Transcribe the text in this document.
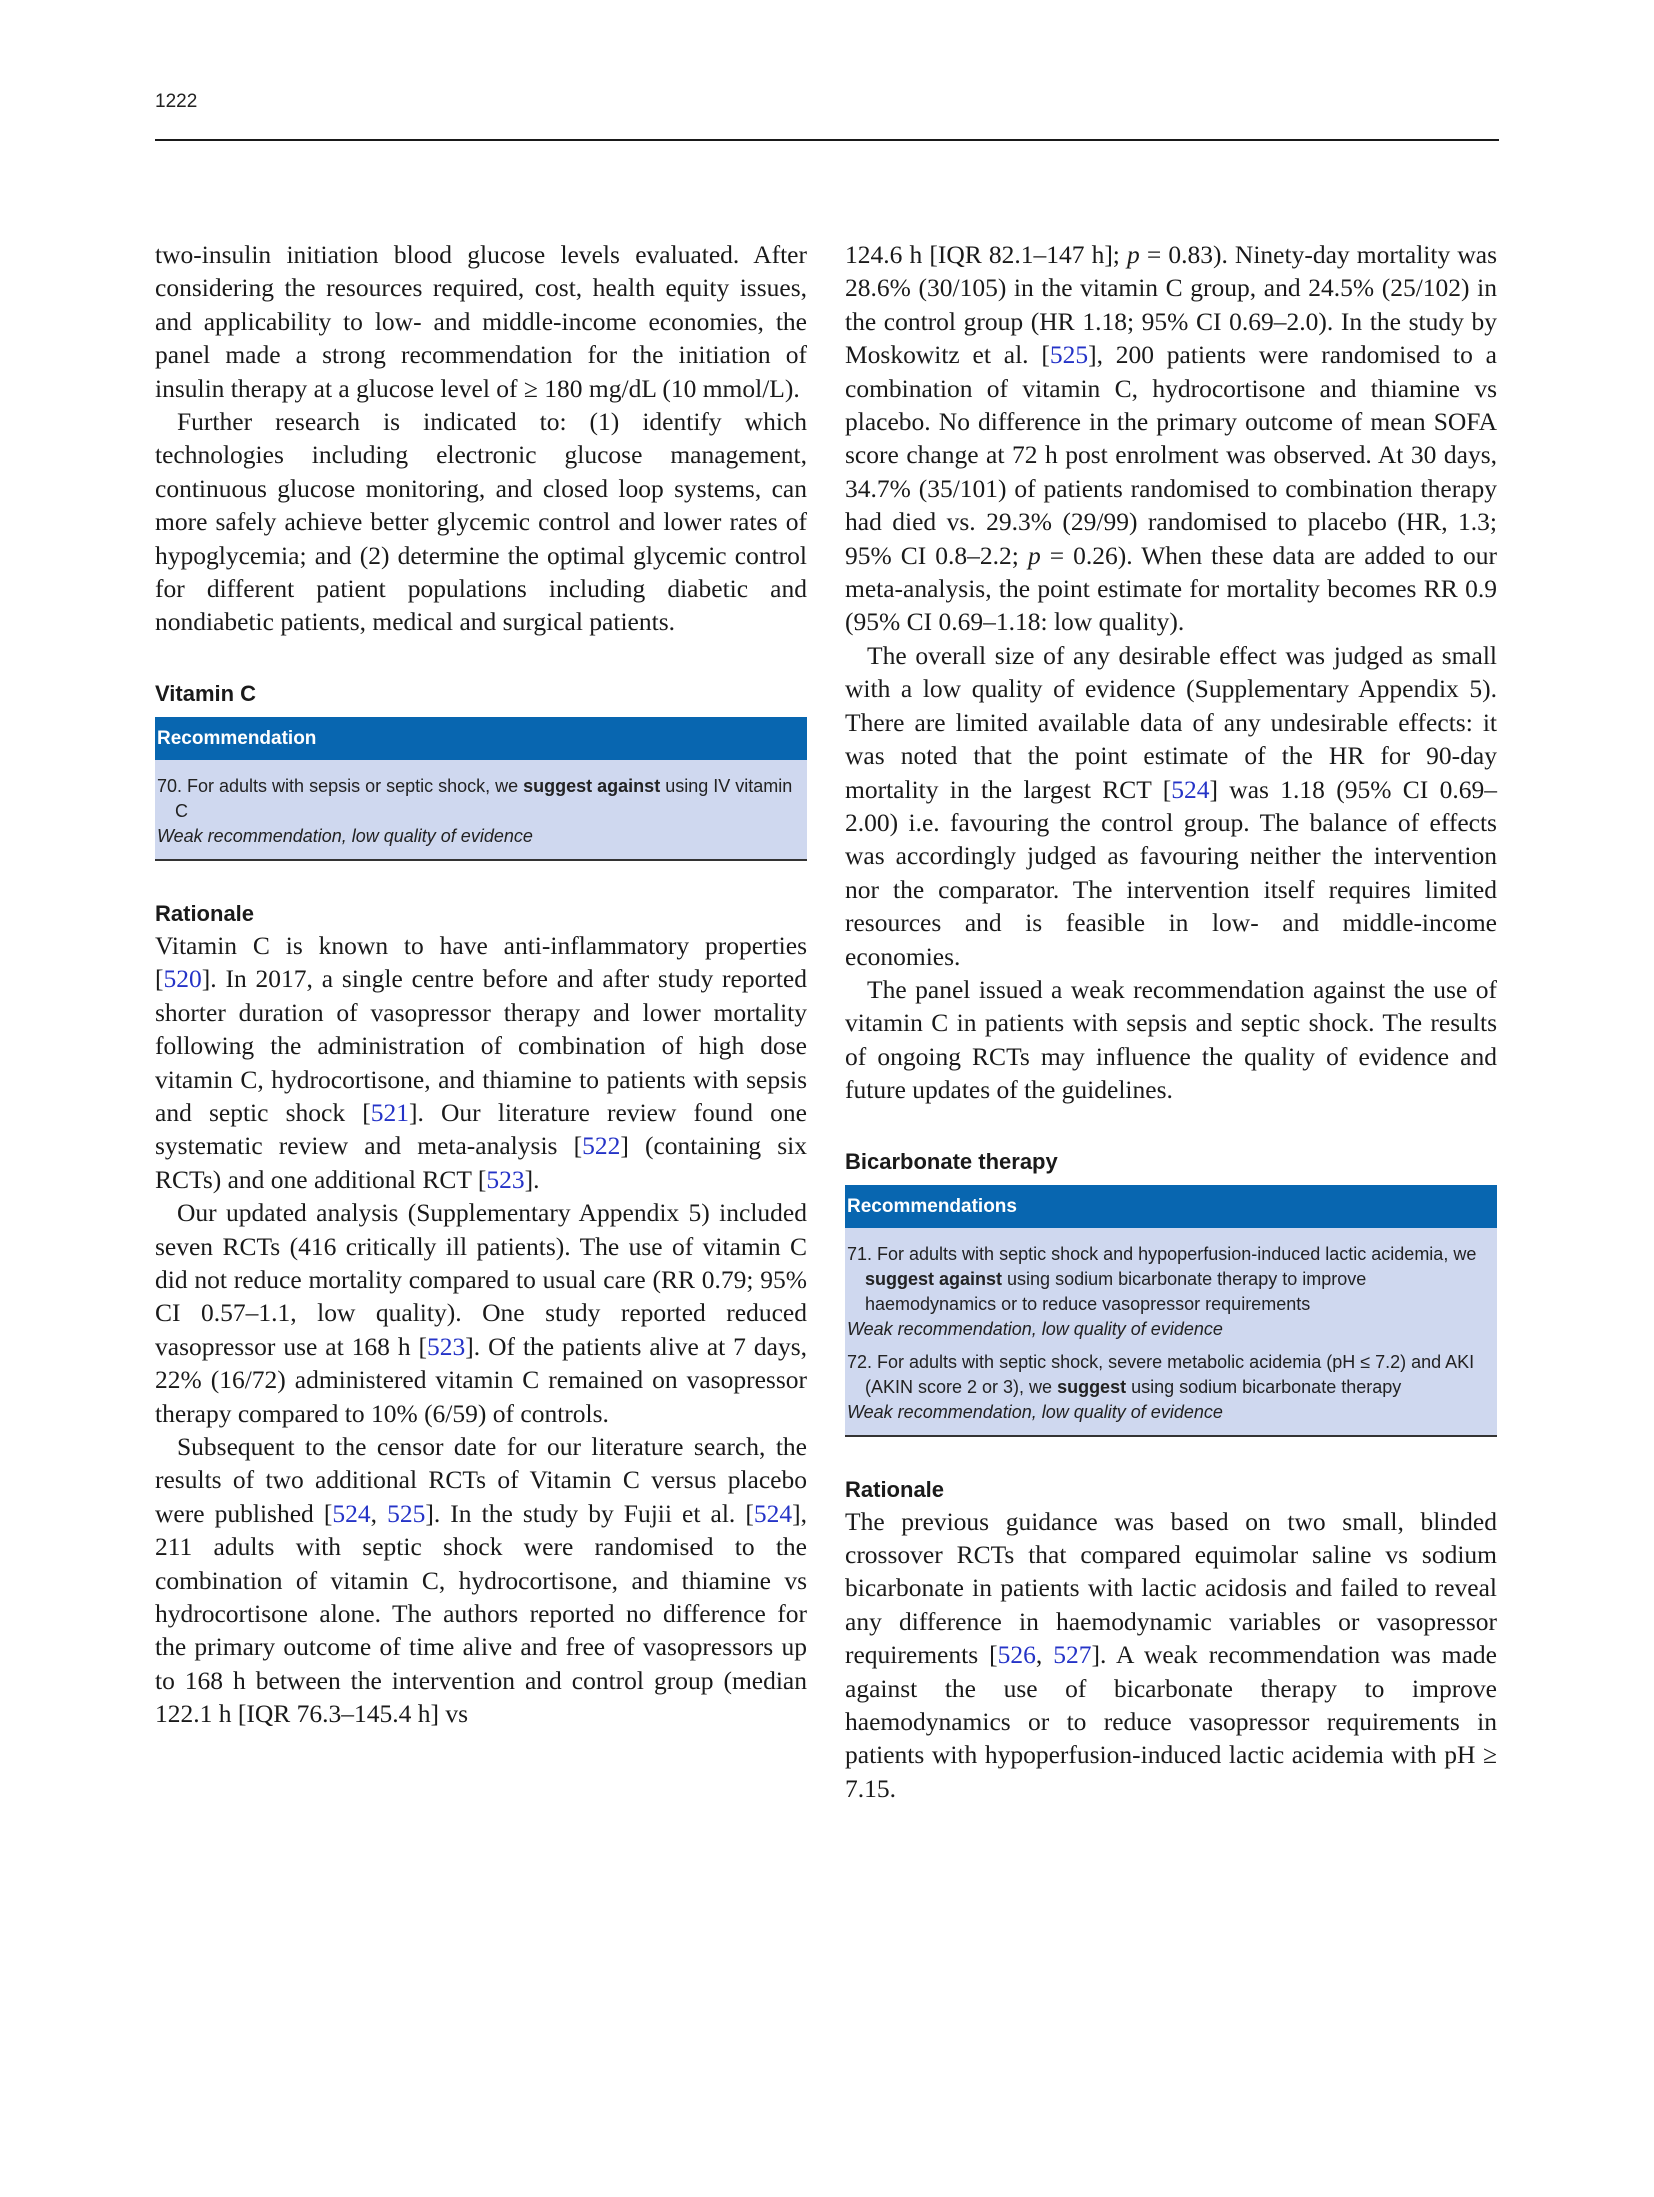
1222

two-insulin initiation blood glucose levels evaluated. After considering the resources required, cost, health equity issues, and applicability to low- and middle-income economies, the panel made a strong recommendation for the initiation of insulin therapy at a glucose level of ≥ 180 mg/dL (10 mmol/L).

Further research is indicated to: (1) identify which technologies including electronic glucose management, continuous glucose monitoring, and closed loop systems, can more safely achieve better glycemic control and lower rates of hypoglycemia; and (2) determine the optimal glycemic control for different patient populations including diabetic and nondiabetic patients, medical and surgical patients.

Vitamin C

Recommendation

70. For adults with sepsis or septic shock, we suggest against using IV vitamin C

Weak recommendation, low quality of evidence

Rationale

Vitamin C is known to have anti-inflammatory properties [520]. In 2017, a single centre before and after study reported shorter duration of vasopressor therapy and lower mortality following the administration of combination of high dose vitamin C, hydrocortisone, and thiamine to patients with sepsis and septic shock [521]. Our literature review found one systematic review and meta-analysis [522] (containing six RCTs) and one additional RCT [523].

Our updated analysis (Supplementary Appendix 5) included seven RCTs (416 critically ill patients). The use of vitamin C did not reduce mortality compared to usual care (RR 0.79; 95% CI 0.57–1.1, low quality). One study reported reduced vasopressor use at 168 h [523]. Of the patients alive at 7 days, 22% (16/72) administered vitamin C remained on vasopressor therapy compared to 10% (6/59) of controls.

Subsequent to the censor date for our literature search, the results of two additional RCTs of Vitamin C versus placebo were published [524, 525]. In the study by Fujii et al. [524], 211 adults with septic shock were randomised to the combination of vitamin C, hydrocortisone, and thiamine vs hydrocortisone alone. The authors reported no difference for the primary outcome of time alive and free of vasopressors up to 168 h between the intervention and control group (median 122.1 h [IQR 76.3–145.4 h] vs

124.6 h [IQR 82.1–147 h]; p = 0.83). Ninety-day mortality was 28.6% (30/105) in the vitamin C group, and 24.5% (25/102) in the control group (HR 1.18; 95% CI 0.69–2.0). In the study by Moskowitz et al. [525], 200 patients were randomised to a combination of vitamin C, hydrocortisone and thiamine vs placebo. No difference in the primary outcome of mean SOFA score change at 72 h post enrolment was observed. At 30 days, 34.7% (35/101) of patients randomised to combination therapy had died vs. 29.3% (29/99) randomised to placebo (HR, 1.3; 95% CI 0.8–2.2; p = 0.26). When these data are added to our meta-analysis, the point estimate for mortality becomes RR 0.9 (95% CI 0.69–1.18: low quality).

The overall size of any desirable effect was judged as small with a low quality of evidence (Supplementary Appendix 5). There are limited available data of any undesirable effects: it was noted that the point estimate of the HR for 90-day mortality in the largest RCT [524] was 1.18 (95% CI 0.69–2.00) i.e. favouring the control group. The balance of effects was accordingly judged as favouring neither the intervention nor the comparator. The intervention itself requires limited resources and is feasible in low- and middle-income economies.

The panel issued a weak recommendation against the use of vitamin C in patients with sepsis and septic shock. The results of ongoing RCTs may influence the quality of evidence and future updates of the guidelines.

Bicarbonate therapy

Recommendations

71. For adults with septic shock and hypoperfusion-induced lactic acidemia, we suggest against using sodium bicarbonate therapy to improve haemodynamics or to reduce vasopressor requirements

Weak recommendation, low quality of evidence

72. For adults with septic shock, severe metabolic acidemia (pH ≤ 7.2) and AKI (AKIN score 2 or 3), we suggest using sodium bicarbonate therapy

Weak recommendation, low quality of evidence

Rationale

The previous guidance was based on two small, blinded crossover RCTs that compared equimolar saline vs sodium bicarbonate in patients with lactic acidosis and failed to reveal any difference in haemodynamic variables or vasopressor requirements [526, 527]. A weak recommendation was made against the use of bicarbonate therapy to improve haemodynamics or to reduce vasopressor requirements in patients with hypoperfusion-induced lactic acidemia with pH ≥ 7.15.
